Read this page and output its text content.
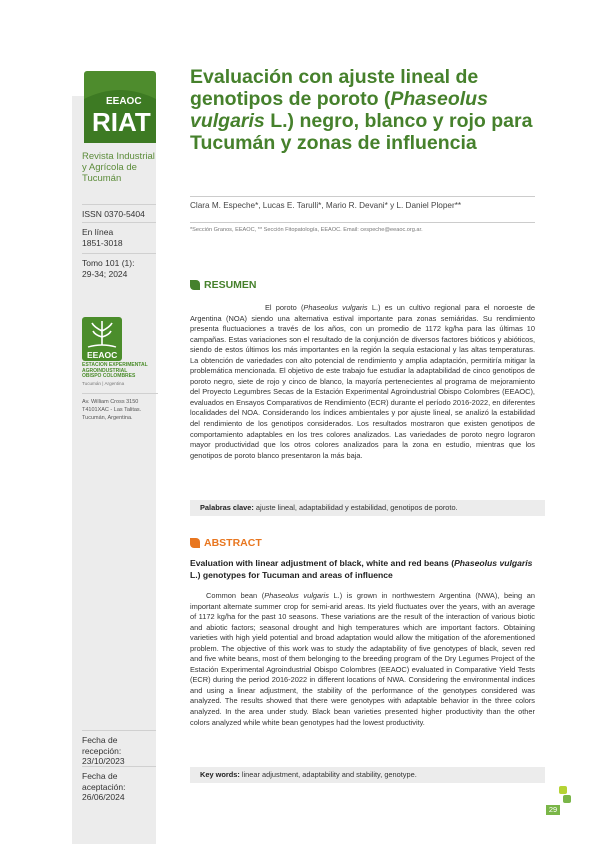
EEAOC
RIAT
Revista Industrial y Agrícola de Tucumán
ISSN 0370-5404
En línea
1851-3018
Tomo 101 (1):
29-34; 2024
EEAOC
ESTACION EXPERIMENTAL
AGROINDUSTRIAL
OBISPO COLOMBRES
Tucumán | Argentina
Av. William Cross 3150
T4101XAC - Las Talitas.
Tucumán, Argentina.
Fecha de recepción:
23/10/2023
Fecha de aceptación:
26/06/2024
Evaluación con ajuste lineal de genotipos de poroto (Phaseolus vulgaris L.) negro, blanco y rojo para Tucumán y zonas de influencia
Clara M. Espeche*, Lucas E. Tarulli*, Mario R. Devani* y L. Daniel Ploper**
*Sección Granos, EEAOC, ** Sección Fitopatología, EEAOC. Email: cespeche@eeaoc.org.ar.
RESUMEN

El poroto (Phaseolus vulgaris L.) es un cultivo regional para el noroeste de Argentina (NOA) siendo una alternativa estival importante para zonas semiáridas. Su rendimiento presenta fluctuaciones a través de los años, con un promedio de 1172 kg/ha para las últimas 10 campañas. Estas variaciones son el resultado de la conjunción de diversos factores bióticos y abióticos, siendo de estos últimos los más importantes en la región la sequía estacional y las altas temperaturas. La obtención de variedades con alto potencial de rendimiento y amplia adaptación, permitiría mitigar la problemática mencionada. El objetivo de este trabajo fue estudiar la adaptabilidad de cinco genotipos de poroto negro, siete de rojo y cinco de blanco, la mayoría pertenecientes al programa de mejoramiento del Proyecto Legumbres Secas de la Estación Experimental Agroindustrial Obispo Colombres (EEAOC), evaluados en Ensayos Comparativos de Rendimiento (ECR) durante el período 2016-2022, en diferentes localidades del NOA. Considerando los índices ambientales y por ajuste lineal, se analizó la estabilidad del rendimiento de los genotipos considerados. Los resultados mostraron que existen genotipos de comportamiento adaptables en los tres colores analizados. Las variedades de poroto negro lograron mayor productividad que los otros colores analizados para la zona en estudio, mientras que los genotipos de poroto blanco presentaron la más baja.

Palabras clave: ajuste lineal, adaptabilidad y estabilidad, genotipos de poroto.
ABSTRACT

Evaluation with linear adjustment of black, white and red beans (Phaseolus vulgaris L.) genotypes for Tucuman and areas of influence

Common bean (Phaseolus vulgaris L.) is grown in northwestern Argentina (NWA), being an important alternate summer crop for semi-arid areas. Its yield fluctuates over the years, with an average of 1172 kg/ha for the past 10 seasons. These variations are the result of the interaction of various biotic and abiotic factors; seasonal drought and high temperatures which are important factors. Obtaining varieties with high yield potential and broad adaptation would allow the mitigation of the aforementioned problem. The objective of this work was to study the adaptability of five genotypes of black, seven red and five white beans, most of them belonging to the breeding program of the Dry Legumes Project of the Estación Experimental Agroindustrial Obispo Colombres (EEAOC) evaluated in Comparative Yield Tests (ECR) during the period 2016-2022 in different locations of NWA. Considering the environmental indices and using a linear adjustment, the stability of the performance of the genotypes considered was analyzed. The results showed that there were genotypes with adaptable behavior in the three colors analyzed. In the area under study. Black bean varieties presented higher productivity than the other colors analyzed while white bean genotypes had the lowest productivity.

Key words: linear adjustment, adaptability and stability, genotype.
29
